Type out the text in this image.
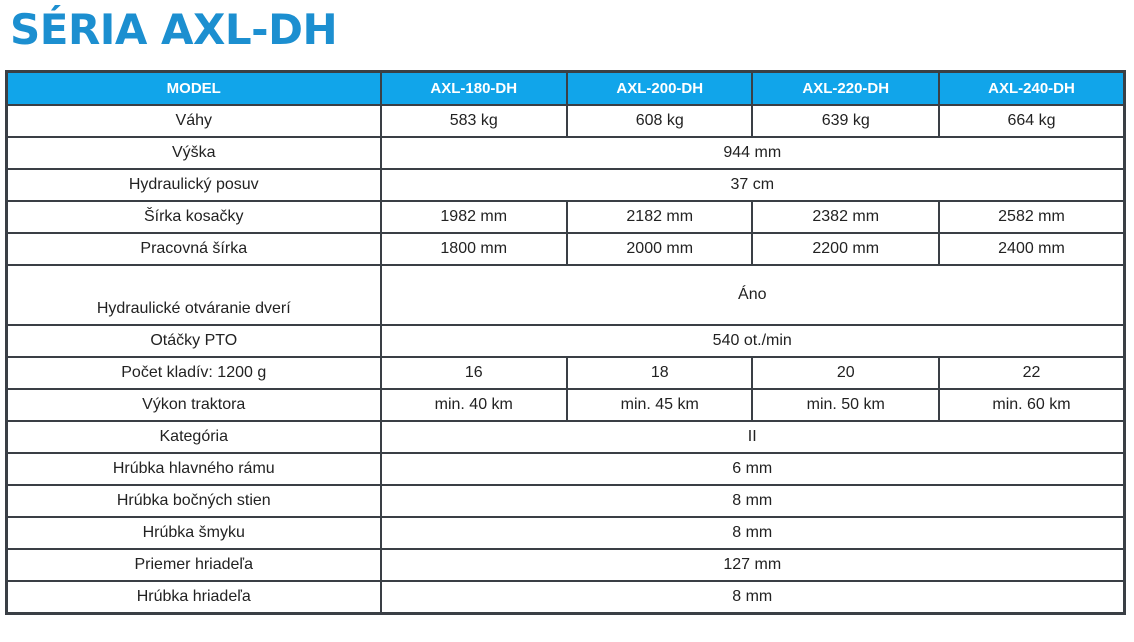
SÉRIA AXL-DH
MODEL	AXL-180-DH	AXL-200-DH	AXL-220-DH	AXL-240-DH
Váhy	583 kg	608 kg	639 kg	664 kg
Výška	944 mm			
Hydraulický posuv	37 cm			
Šírka kosačky	1982 mm	2182 mm	2382 mm	2582 mm
Pracovná šírka	1800 mm	2000 mm	2200 mm	2400 mm
Hydraulické otváranie dverí	Áno			
Otáčky PTO	540 ot./min			
Počet kladív: 1200 g	16	18	20	22
Výkon traktora	min. 40 km	min. 45 km	min. 50 km	min. 60 km
Kategória	II			
Hrúbka hlavného rámu	6 mm			
Hrúbka bočných stien	8 mm			
Hrúbka šmyku	8 mm			
Priemer hriadeľa	127 mm			
Hrúbka hriadeľa	8 mm			
